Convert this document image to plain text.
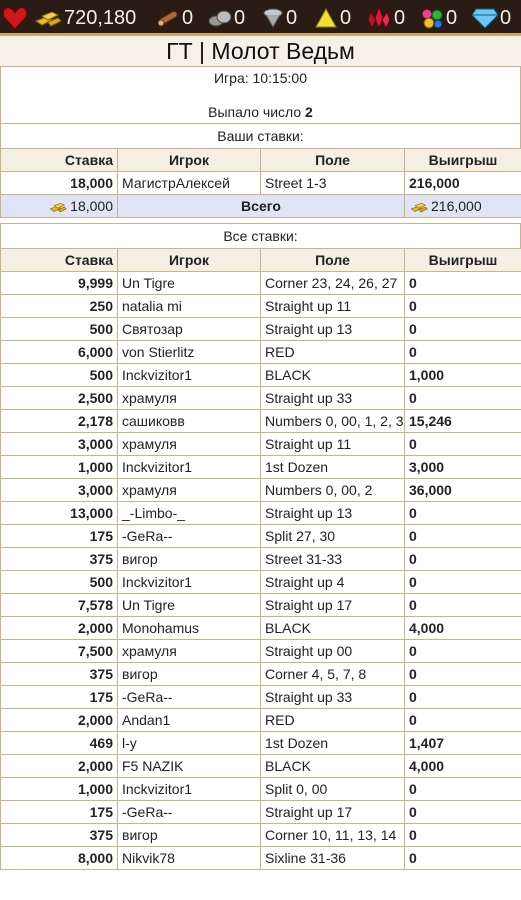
720,180 0 0 0 0 0 0 0
ГТ | Молот Ведьм
Игра: 10:15:00
Выпало число 2
Ваши ставки:
Ставка	Игрок	Поле	Выигрыш
18,000	МагистрАлексей	Street 1-3	216,000
18,000	Всего		216,000
Все ставки:
Ставка	Игрок	Поле	Выигрыш
9,999	Un Tigre	Corner 23, 24, 26, 27	0
250	natalia mi	Straight up 11	0
500	Святозар	Straight up 13	0
6,000	von Stierlitz	RED	0
500	Inckvizitor1	BLACK	1,000
2,500	храмуля	Straight up 33	0
2,178	сашиковв	Numbers 0, 00, 1, 2, 3	15,246
3,000	храмуля	Straight up 11	0
1,000	Inckvizitor1	1st Dozen	3,000
3,000	храмуля	Numbers 0, 00, 2	36,000
13,000	_-Limbo-_	Straight up 13	0
175	-GeRa--	Split 27, 30	0
375	вигор	Street 31-33	0
500	Inckvizitor1	Straight up 4	0
7,578	Un Tigre	Straight up 17	0
2,000	Monohamus	BLACK	4,000
7,500	храмуля	Straight up 00	0
375	вигор	Corner 4, 5, 7, 8	0
175	-GeRa--	Straight up 33	0
2,000	Andan1	RED	0
469	l-y	1st Dozen	1,407
2,000	F5 NAZIK	BLACK	4,000
1,000	Inckvizitor1	Split 0, 00	0
175	-GeRa--	Straight up 17	0
375	вигор	Corner 10, 11, 13, 14	0
8,000	Nikvik78	Sixline 31-36	0
